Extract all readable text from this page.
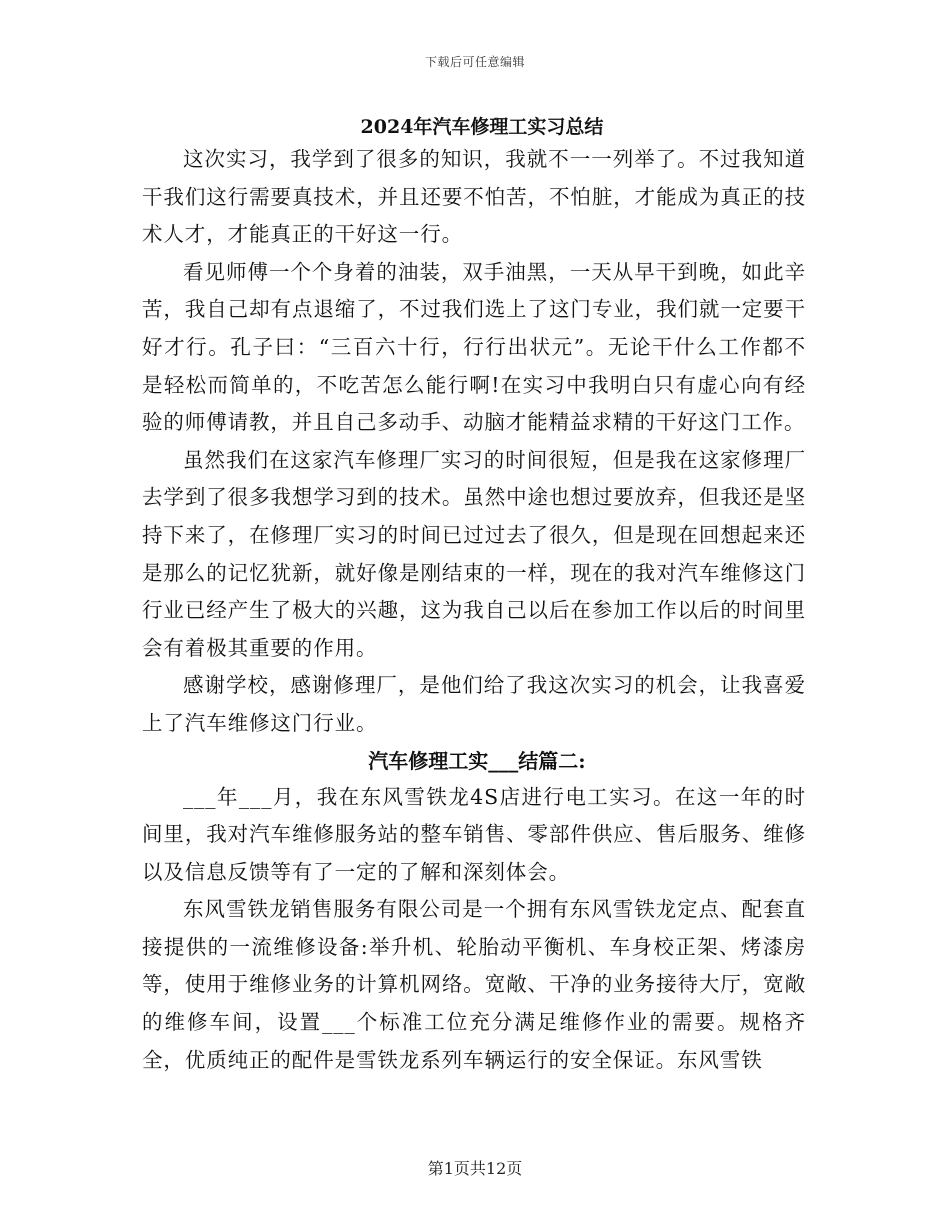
下载后可任意编辑
2024年汽车修理工实习总结

这次实习，我学到了很多的知识，我就不一一列举了。不过我知道干我们这行需要真技术，并且还要不怕苦，不怕脏，才能成为真正的技术人才，才能真正的干好这一行。

看见师傅一个个身着的油装，双手油黑，一天从早干到晚，如此辛苦，我自己却有点退缩了，不过我们选上了这门专业，我们就一定要干好才行。孔子曰：“三百六十行，行行出状元”。无论干什么工作都不是轻松而简单的，不吃苦怎么能行啊!在实习中我明白只有虚心向有经验的师傅请教，并且自己多动手、动脑才能精益求精的干好这门工作。

虽然我们在这家汽车修理厂实习的时间很短，但是我在这家修理厂去学到了很多我想学习到的技术。虽然中途也想过要放弃，但我还是坚持下来了，在修理厂实习的时间已过过去了很久，但是现在回想起来还是那么的记忆犹新，就好像是刚结束的一样，现在的我对汽车维修这门行业已经产生了极大的兴趣，这为我自己以后在参加工作以后的时间里会有着极其重要的作用。

感谢学校，感谢修理厂，是他们给了我这次实习的机会，让我喜爱上了汽车维修这门行业。

汽车修理工实___结篇二:

___年___月，我在东风雪铁龙4S店进行电工实习。在这一年的时间里，我对汽车维修服务站的整车销售、零部件供应、售后服务、维修以及信息反馈等有了一定的了解和深刻体会。

东风雪铁龙销售服务有限公司是一个拥有东风雪铁龙定点、配套直接提供的一流维修设备:举升机、轮胎动平衡机、车身校正架、烤漆房等，使用于维修业务的计算机网络。宽敞、干净的业务接待大厅，宽敞的维修车间，设置___个标准工位充分满足维修作业的需要。规格齐全，优质纯正的配件是雪铁龙系列车辆运行的安全保证。东风雪铁

第1页共12页
